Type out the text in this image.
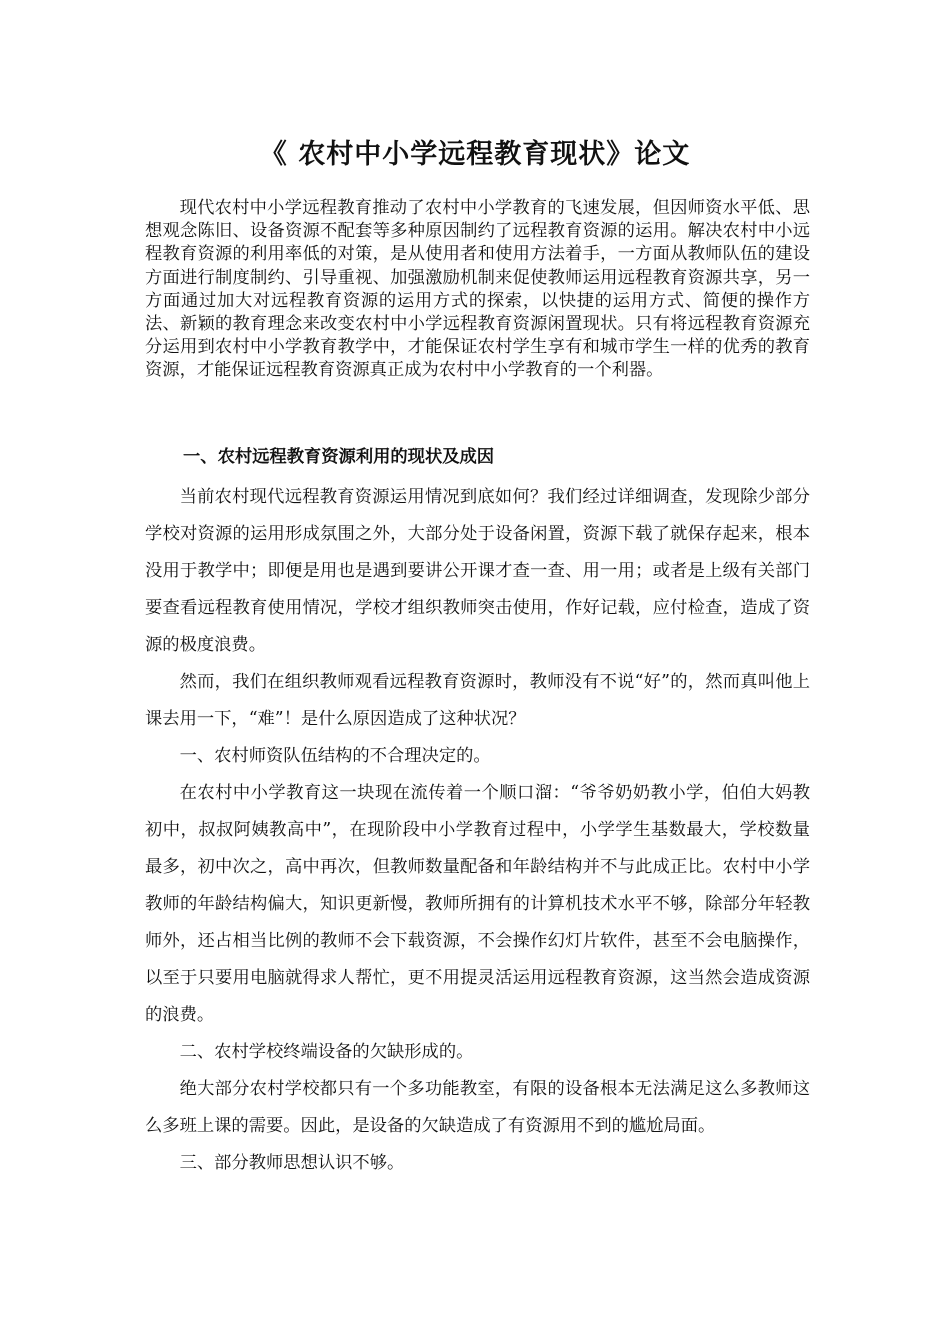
《 农村中小学远程教育现状》论文

现代农村中小学远程教育推动了农村中小学教育的飞速发展，但因师资水平低、思想观念陈旧、设备资源不配套等多种原因制约了远程教育资源的运用。解决农村中小远程教育资源的利用率低的对策，是从使用者和使用方法着手，一方面从教师队伍的建设方面进行制度制约、引导重视、加强激励机制来促使教师运用远程教育资源共享，另一方面通过加大对远程教育资源的运用方式的探索，以快捷的运用方式、简便的操作方法、新颖的教育理念来改变农村中小学远程教育资源闲置现状。只有将远程教育资源充分运用到农村中小学教育教学中，才能保证农村学生享有和城市学生一样的优秀的教育资源，才能保证远程教育资源真正成为农村中小学教育的一个利器。

一、农村远程教育资源利用的现状及成因

当前农村现代远程教育资源运用情况到底如何？我们经过详细调查，发现除少部分学校对资源的运用形成氛围之外，大部分处于设备闲置，资源下载了就保存起来，根本没用于教学中；即便是用也是遇到要讲公开课才查一查、用一用；或者是上级有关部门要查看远程教育使用情况，学校才组织教师突击使用，作好记载，应付检查，造成了资源的极度浪费。

然而，我们在组织教师观看远程教育资源时，教师没有不说“好”的，然而真叫他上课去用一下，“难”！是什么原因造成了这种状况？

一、农村师资队伍结构的不合理决定的。

在农村中小学教育这一块现在流传着一个顺口溜：“爷爷奶奶教小学，伯伯大妈教初中，叔叔阿姨教高中”，在现阶段中小学教育过程中，小学学生基数最大，学校数量最多，初中次之，高中再次，但教师数量配备和年龄结构并不与此成正比。农村中小学教师的年龄结构偏大，知识更新慢，教师所拥有的计算机技术水平不够，除部分年轻教师外，还占相当比例的教师不会下载资源，不会操作幻灯片软件，甚至不会电脑操作，以至于只要用电脑就得求人帮忙，更不用提灵活运用远程教育资源，这当然会造成资源的浪费。

二、农村学校终端设备的欠缺形成的。

绝大部分农村学校都只有一个多功能教室，有限的设备根本无法满足这么多教师这么多班上课的需要。因此，是设备的欠缺造成了有资源用不到的尴尬局面。

三、部分教师思想认识不够。
